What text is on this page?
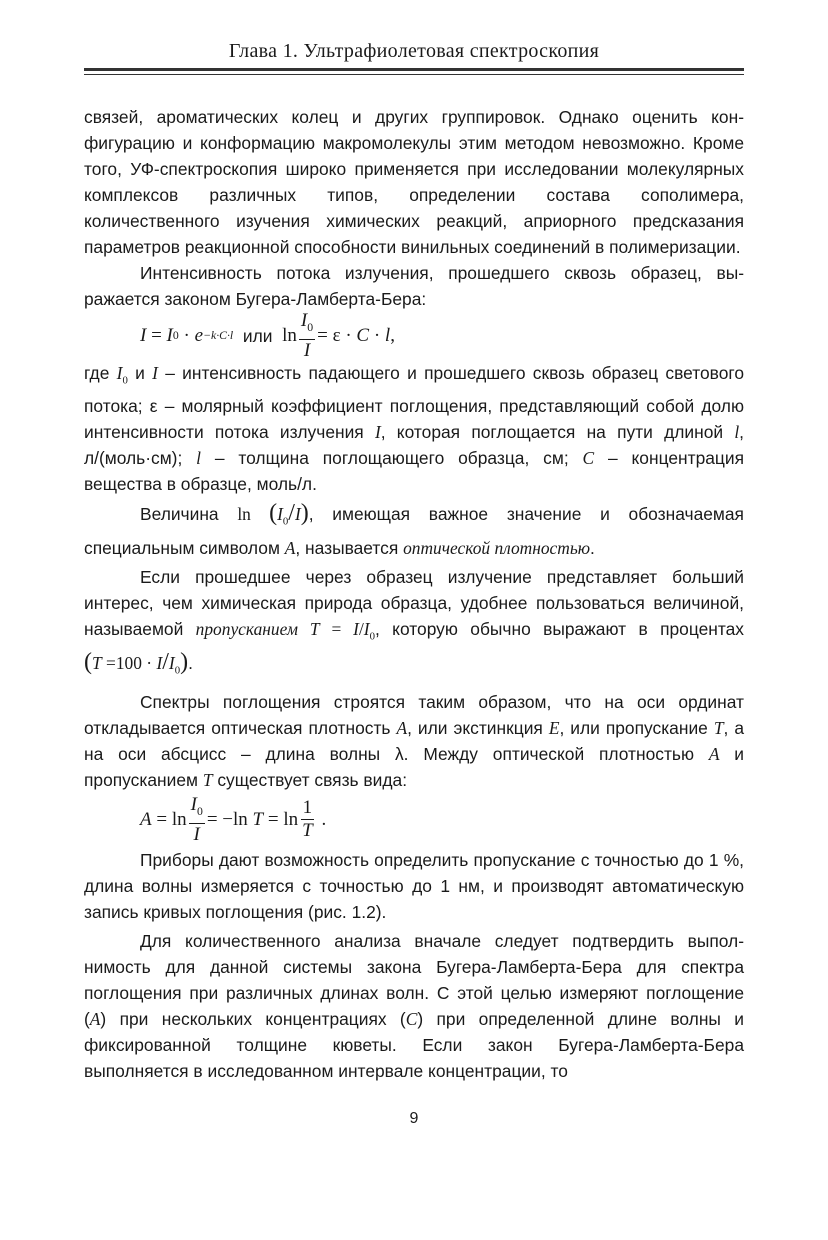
Глава 1. Ультрафиолетовая спектроскопия

связей, ароматических колец и других группировок. Однако оценить конфигурацию и конформацию макромолекулы этим методом невозможно. Кроме того, УФ-спектроскопия широко применяется при исследовании молекулярных комплексов различных типов, определении состава сополимера, количественного изучения химических реакций, априорного предсказания параметров реакционной способности винильных соединений в полимеризации.

Интенсивность потока излучения, прошедшего сквозь образец, выражается законом Бугера-Ламберта-Бера:

I
=
I 0
·
e −k·C·l
или
$\ln \frac{I_0}{I}$ =
ε
·
C
·
l ,

где $I_0$ и I – интенсивность падающего и прошедшего сквозь образец светового потока; ε – молярный коэффициент поглощения, представляющий собой долю интенсивности потока излучения I, которая поглощается на пути длиной l, л/(моль·см); l – толщина поглощающего образца, см; C – концентрация вещества в образце, моль/л.

Величина $\ln (I_0/I)$, имеющая важное значение и обозначаемая специальным символом A, называется оптической плотностью.

Если прошедшее через образец излучение представляет больший интерес, чем химическая природа образца, удобнее пользоваться величиной, называемой пропусканием $T = I/I_0$, которую обычно выражают в процентах $(T =100 \cdot I/I_0)$.

Спектры поглощения строятся таким образом, что на оси ординат откладывается оптическая плотность A, или экстинкция E, или пропускание T, а на оси абсцисс – длина волны λ. Между оптической плотностью A и пропусканием T существует связь вида:

A
=
$\ln \frac{I_0}{I}$ =
− ln
T
=
$\ln \frac{1}{T}$
.

Приборы дают возможность определить пропускание с точностью до 1 %, длина волны измеряется с точностью до 1 нм, и производят автоматическую запись кривых поглощения (рис. 1.2).

Для количественного анализа вначале следует подтвердить выполнимость для данной системы закона Бугера-Ламберта-Бера для спектра поглощения при различных длинах волн. С этой целью измеряют поглощение (A) при нескольких концентрациях (C) при определенной длине волны и фиксированной толщине кюветы. Если закон Бугера-Ламберта-Бера выполняется в исследованном интервале концентрации, то

9
